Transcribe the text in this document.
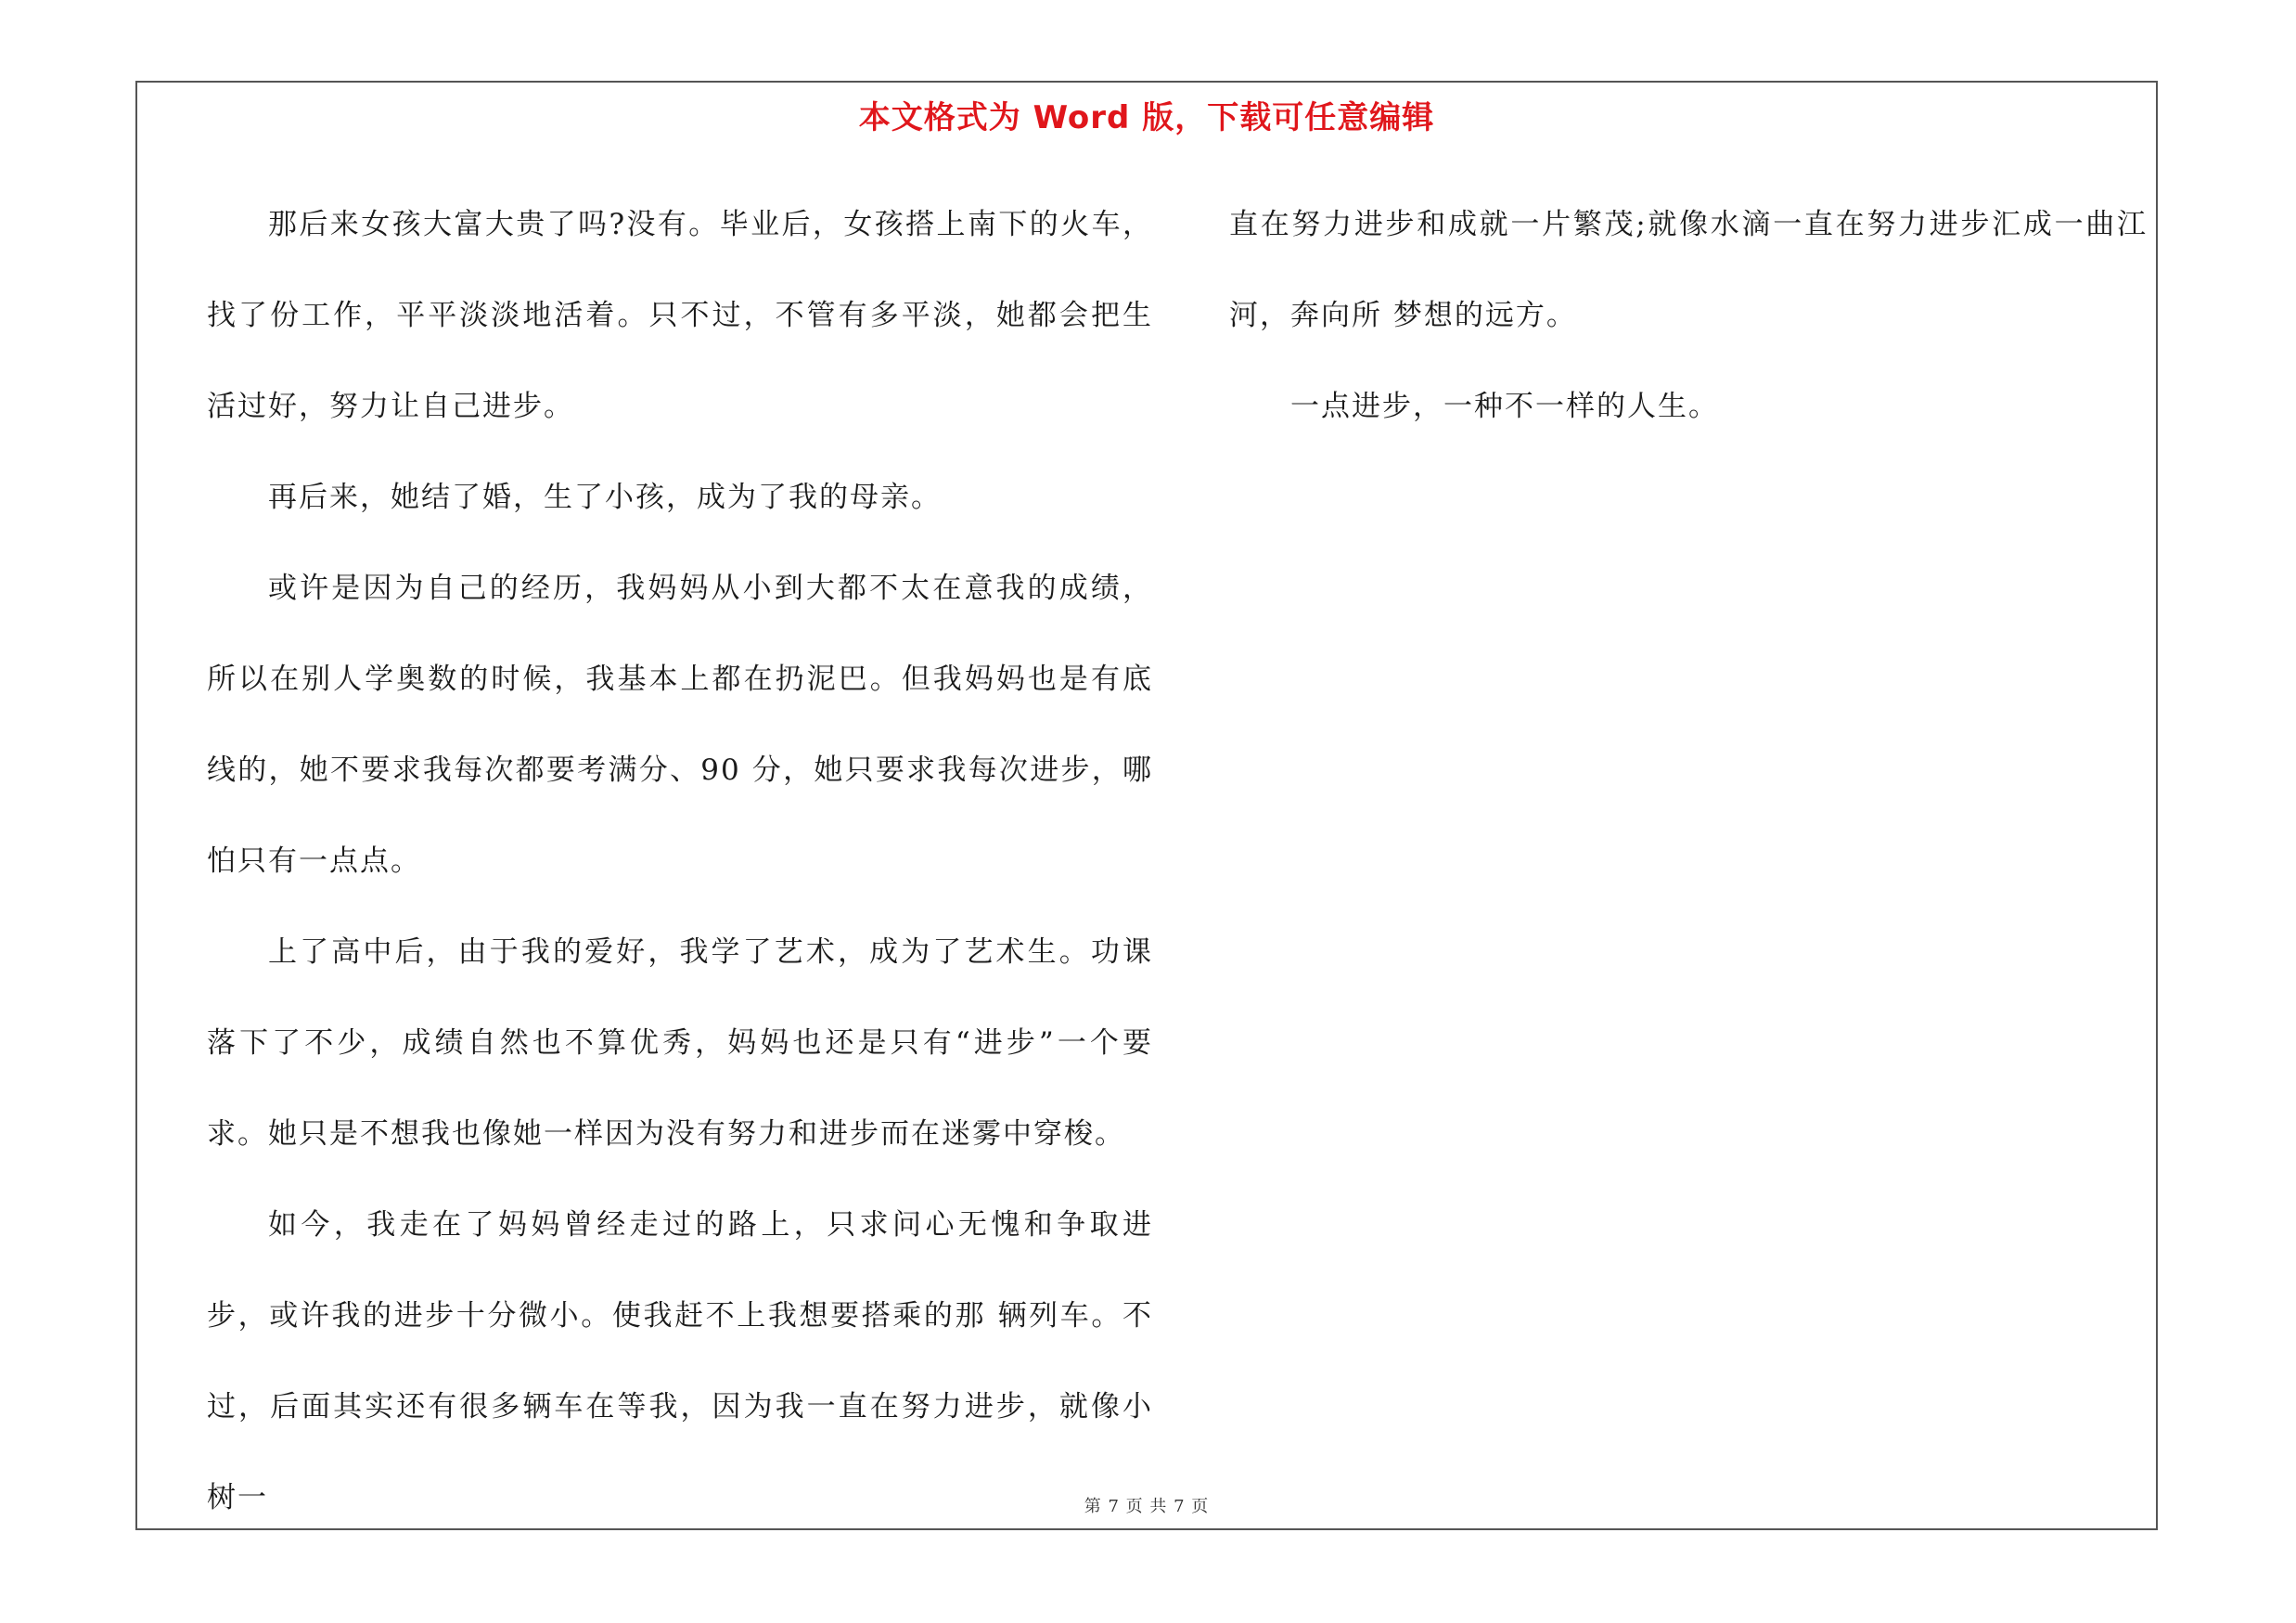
本文格式为 Word 版，下载可任意编辑

那后来女孩大富大贵了吗?没有。毕业后，女孩搭上南下的火车，找了份工作，平平淡淡地活着。只不过，不管有多平淡，她都会把生活过好，努力让自己进步。

再后来，她结了婚，生了小孩，成为了我的母亲。

或许是因为自己的经历，我妈妈从小到大都不太在意我的成绩，所以在别人学奥数的时候，我基本上都在扔泥巴。但我妈妈也是有底线的，她不要求我每次都要考满分、90 分，她只要求我每次进步，哪怕只有一点点。

上了高中后，由于我的爱好，我学了艺术，成为了艺术生。功课落下了不少，成绩自然也不算优秀，妈妈也还是只有“进步”一个要求。她只是不想我也像她一样因为没有努力和进步而在迷雾中穿梭。

如今，我走在了妈妈曾经走过的路上，只求问心无愧和争取进步，或许我的进步十分微小。使我赶不上我想要搭乘的那 辆列车。不过，后面其实还有很多辆车在等我，因为我一直在努力进步，就像小树一

直在努力进步和成就一片繁茂;就像水滴一直在努力进步汇成一曲江河，奔向所 梦想的远方。

一点进步，一种不一样的人生。

第 7 页 共 7 页
